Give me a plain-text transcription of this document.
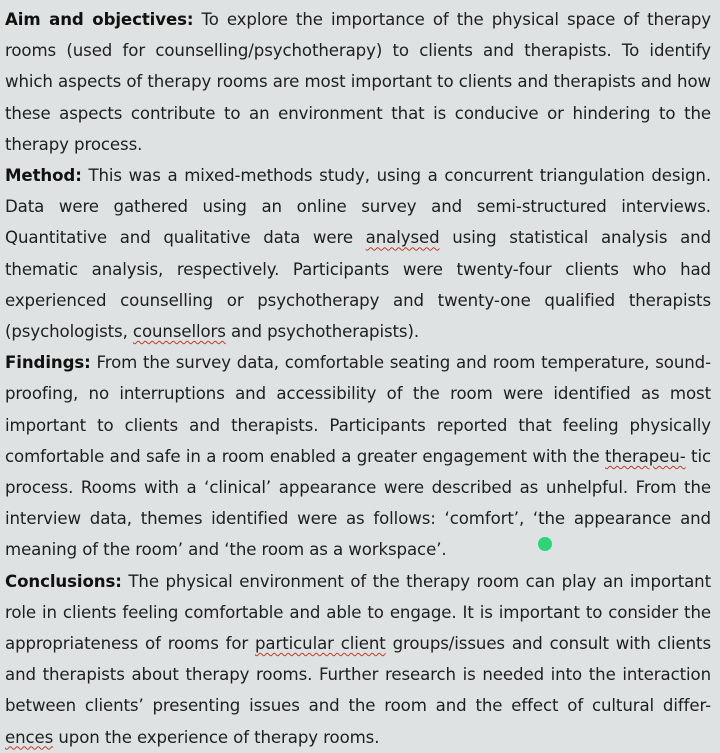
Aim and objectives: To explore the importance of the physical space of therapy rooms (used for counselling/psychotherapy) to clients and therapists. To identify which aspects of therapy rooms are most important to clients and therapists and how these aspects contribute to an environment that is conducive or hindering to the therapy process.

Method: This was a mixed-methods study, using a concurrent triangulation design. Data were gathered using an online survey and semi-structured interviews. Quantitative and qualitative data were analysed using statistical analysis and thematic analysis, respectively. Participants were twenty-four clients who had experienced counselling or psychotherapy and twenty-one qualified therapists (psychologists, counsellors and psychotherapists).

Findings: From the survey data, comfortable seating and room temperature, sound-proofing, no interruptions and accessibility of the room were identified as most important to clients and therapists. Participants reported that feeling physically comfortable and safe in a room enabled a greater engagement with the therapeu- tic process. Rooms with a ‘clinical’ appearance were described as unhelpful. From the interview data, themes identified were as follows: ‘comfort’, ‘the appearance and meaning of the room’ and ‘the room as a workspace’.

Conclusions: The physical environment of the therapy room can play an important role in clients feeling comfortable and able to engage. It is important to consider the appropriateness of rooms for particular client groups/issues and consult with clients and therapists about therapy rooms. Further research is needed into the interaction between clients’ presenting issues and the room and the effect of cultural differ-ences upon the experience of therapy rooms.
